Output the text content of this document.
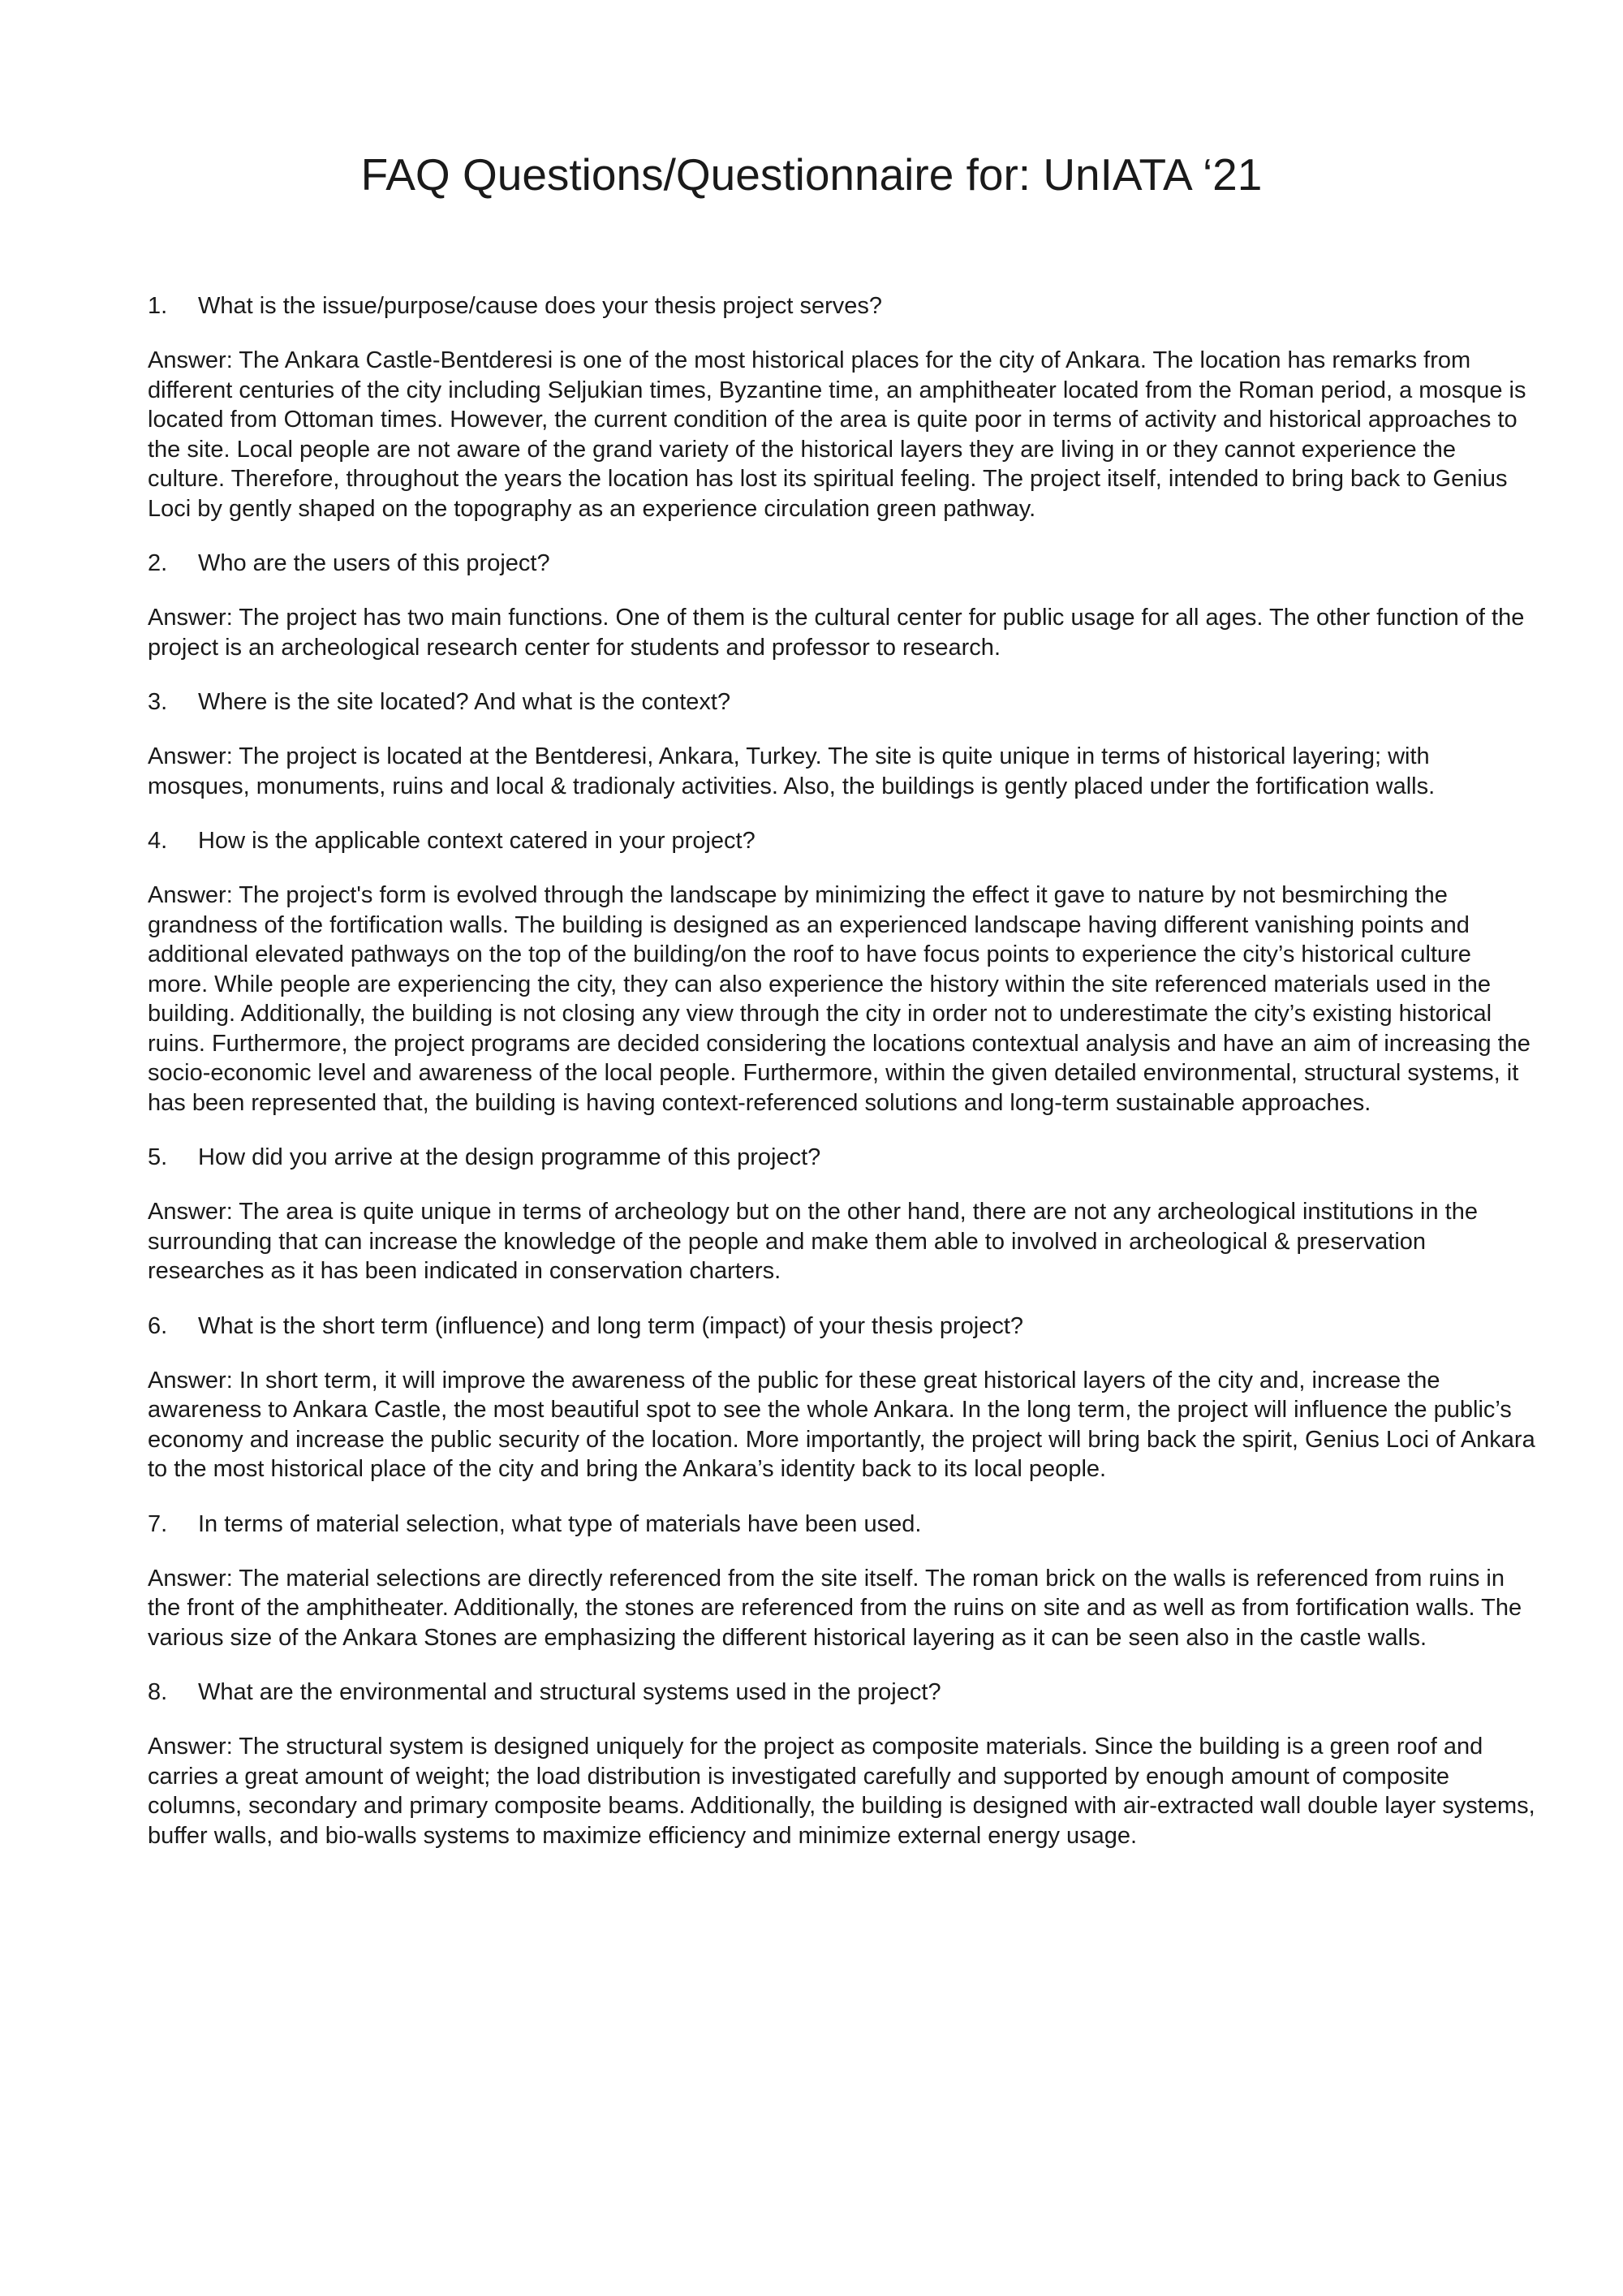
FAQ Questions/Questionnaire for: UnIATA ‘21

1. What is the issue/purpose/cause does your thesis project serves?

Answer: The Ankara Castle-Bentderesi is one of the most historical places for the city of Ankara. The location has remarks from different centuries of the city including Seljukian times, Byzantine time, an amphitheater located from the Roman period, a mosque is located from Ottoman times. However, the current condition of the area is quite poor in terms of activity and historical approaches to the site. Local people are not aware of the grand variety of the historical layers they are living in or they cannot experience the culture. Therefore, throughout the years the location has lost its spiritual feeling. The project itself, intended to bring back to Genius Loci by gently shaped on the topography as an experience circulation green pathway.

2. Who are the users of this project?

Answer: The project has two main functions. One of them is the cultural center for public usage for all ages. The other function of the project is an archeological research center for students and professor to research.

3. Where is the site located? And what is the context?

Answer: The project is located at the Bentderesi, Ankara, Turkey. The site is quite unique in terms of historical layering; with mosques, monuments, ruins and local & tradionaly activities. Also, the buildings is gently placed under the fortification walls.

4. How is the applicable context catered in your project?

Answer: The project's form is evolved through the landscape by minimizing the effect it gave to nature by not besmirching the grandness of the fortification walls. The building is designed as an experienced landscape having different vanishing points and additional elevated pathways on the top of the building/on the roof to have focus points to experience the city’s historical culture more. While people are experiencing the city, they can also experience the history within the site referenced materials used in the building. Additionally, the building is not closing any view through the city in order not to underestimate the city’s existing historical ruins. Furthermore, the project programs are decided considering the locations contextual analysis and have an aim of increasing the socio-economic level and awareness of the local people. Furthermore, within the given detailed environmental, structural systems, it has been represented that, the building is having context-referenced solutions and long-term sustainable approaches.

5. How did you arrive at the design programme of this project?

Answer: The area is quite unique in terms of archeology but on the other hand, there are not any archeological institutions in the surrounding that can increase the knowledge of the people and make them able to involved in archeological & preservation researches as it has been indicated in conservation charters.

6. What is the short term (influence) and long term (impact) of your thesis project?

Answer: In short term, it will improve the awareness of the public for these great historical layers of the city and, increase the awareness to Ankara Castle, the most beautiful spot to see the whole Ankara. In the long term, the project will influence the public’s economy and increase the public security of the location. More importantly, the project will bring back the spirit, Genius Loci of Ankara to the most historical place of the city and bring the Ankara’s identity back to its local people.

7. In terms of material selection, what type of materials have been used.

Answer: The material selections are directly referenced from the site itself. The roman brick on the walls is referenced from ruins in the front of the amphitheater. Additionally, the stones are referenced from the ruins on site and as well as from fortification walls. The various size of the Ankara Stones are emphasizing the different historical layering as it can be seen also in the castle walls.

8. What are the environmental and structural systems used in the project?

Answer: The structural system is designed uniquely for the project as composite materials. Since the building is a green roof and carries a great amount of weight; the load distribution is investigated carefully and supported by enough amount of composite columns, secondary and primary composite beams. Additionally, the building is designed with air-extracted wall double layer systems, buffer walls, and bio-walls systems to maximize efficiency and minimize external energy usage.
